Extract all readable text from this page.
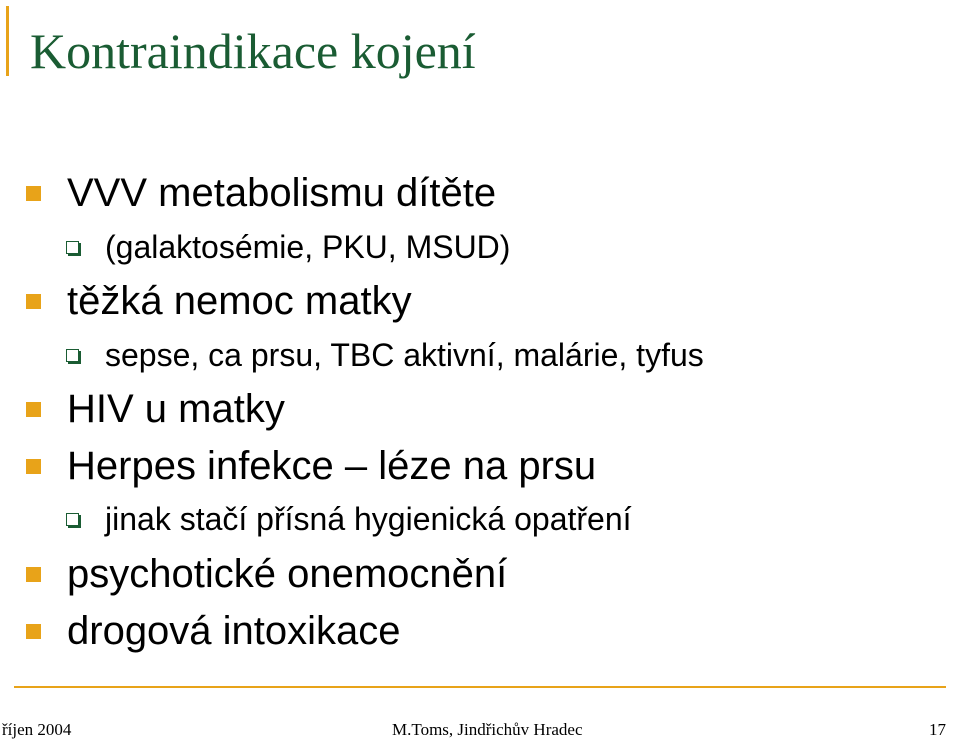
Kontraindikace kojení
VVV metabolismu dítěte
(galaktosémie, PKU, MSUD)
těžká nemoc matky
sepse, ca prsu, TBC aktivní, malárie, tyfus
HIV u matky
Herpes infekce – léze na prsu
jinak stačí přísná hygienická opatření
psychotické onemocnění
drogová intoxikace
říjen 2004	M.Toms, Jindřichův Hradec	17
